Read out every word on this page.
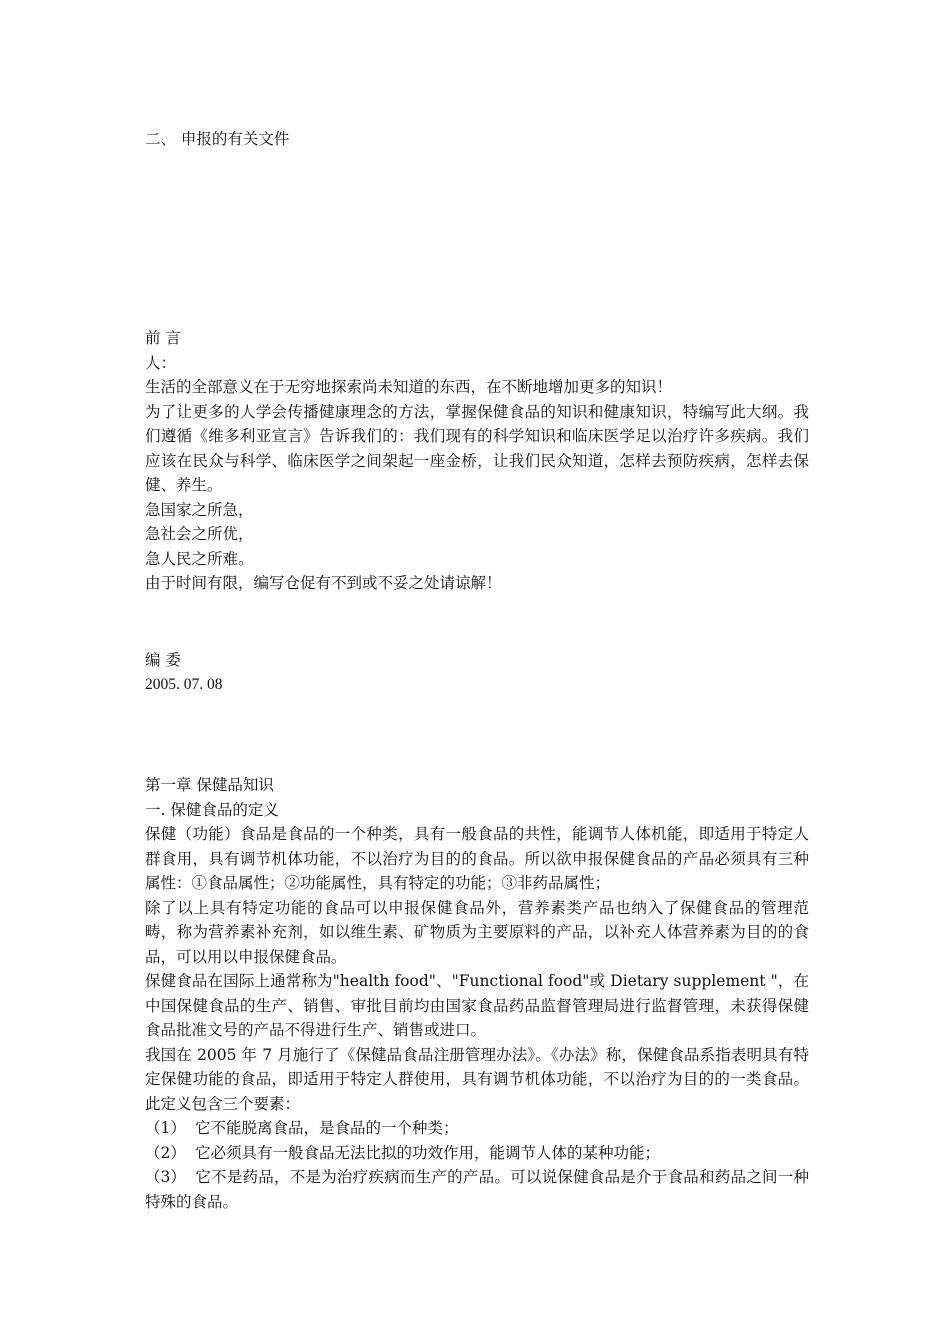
二、 申报的有关文件
前 言
人：
生活的全部意义在于无穷地探索尚未知道的东西，在不断地增加更多的知识！
为了让更多的人学会传播健康理念的方法，掌握保健食品的知识和健康知识，特编写此大纲。我们遵循《维多利亚宣言》告诉我们的：我们现有的科学知识和临床医学足以治疗许多疾病。我们应该在民众与科学、临床医学之间架起一座金桥，让我们民众知道，怎样去预防疾病，怎样去保健、养生。
急国家之所急，
急社会之所优，
急人民之所难。
由于时间有限，编写仓促有不到或不妥之处请谅解！
编 委
2005. 07. 08
第一章 保健品知识
一. 保健食品的定义
保健（功能）食品是食品的一个种类，具有一般食品的共性，能调节人体机能，即适用于特定人群食用，具有调节机体功能，不以治疗为目的的食品。所以欲申报保健食品的产品必须具有三种属性：①食品属性；②功能属性，具有特定的功能；③非药品属性；
除了以上具有特定功能的食品可以申报保健食品外，营养素类产品也纳入了保健食品的管理范畴，称为营养素补充剂，如以维生素、矿物质为主要原料的产品，以补充人体营养素为目的的食品，可以用以申报保健食品。
保健食品在国际上通常称为"health food"、"Functional food"或 Dietary supplement "，在中国保健食品的生产、销售、审批目前均由国家食品药品监督管理局进行监督管理，未获得保健食品批准文号的产品不得进行生产、销售或进口。
我国在 2005 年 7 月施行了《保健品食品注册管理办法》。《办法》称，保健食品系指表明具有特定保健功能的食品，即适用于特定人群使用，具有调节机体功能，不以治疗为目的的一类食品。此定义包含三个要素：
（1） 它不能脱离食品，是食品的一个种类；
（2） 它必须具有一般食品无法比拟的功效作用，能调节人体的某种功能；
（3） 它不是药品，不是为治疗疾病而生产的产品。可以说保健食品是介于食品和药品之间一种特殊的食品。
